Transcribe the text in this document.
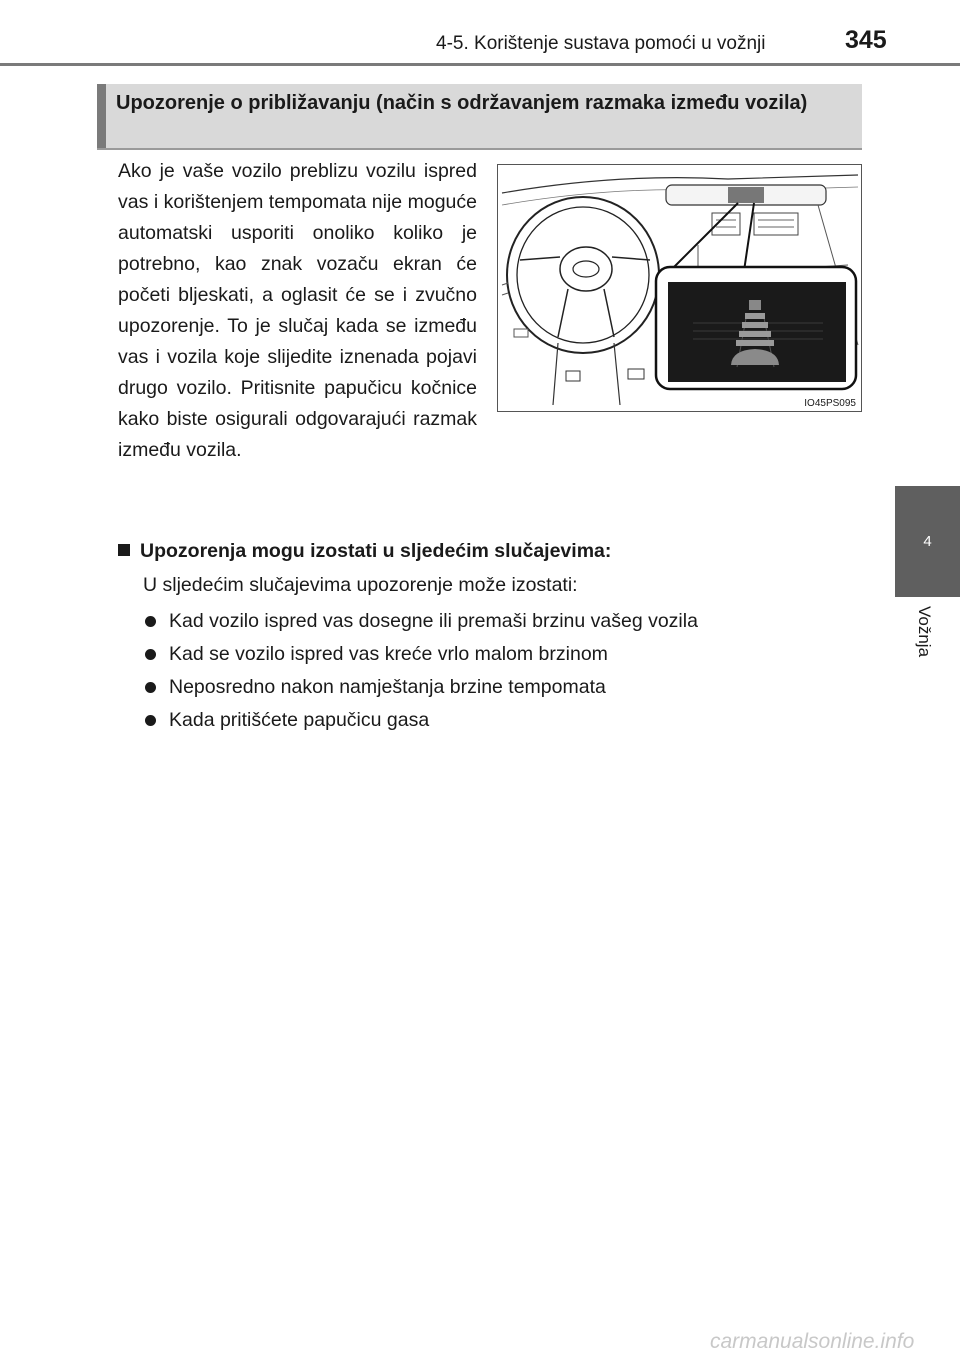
4-5. Korištenje sustava pomoći u vožnji	345
4
Vožnja
Upozorenje o približavanju (način s održavanjem razmaka između vozila)
Ako je vaše vozilo preblizu vozilu ispred vas i korištenjem tempomata nije moguće automatski usporiti onoliko koliko je potrebno, kao znak vozaču ekran će početi bljeskati, a oglasit će se i zvučno upozorenje. To je slučaj kada se između vas i vozila koje slijedite iznenada pojavi drugo vozilo. Pritisnite papučicu kočnice kako biste osigurali odgovarajući razmak između vozila.
IO45PS095
Upozorenja mogu izostati u sljedećim slučajevima:
U sljedećim slučajevima upozorenje može izostati:
Kad vozilo ispred vas dosegne ili premaši brzinu vašeg vozila
Kad se vozilo ispred vas kreće vrlo malom brzinom
Neposredno nakon namještanja brzine tempomata
Kada pritišćete papučicu gasa
carmanualsonline.info
